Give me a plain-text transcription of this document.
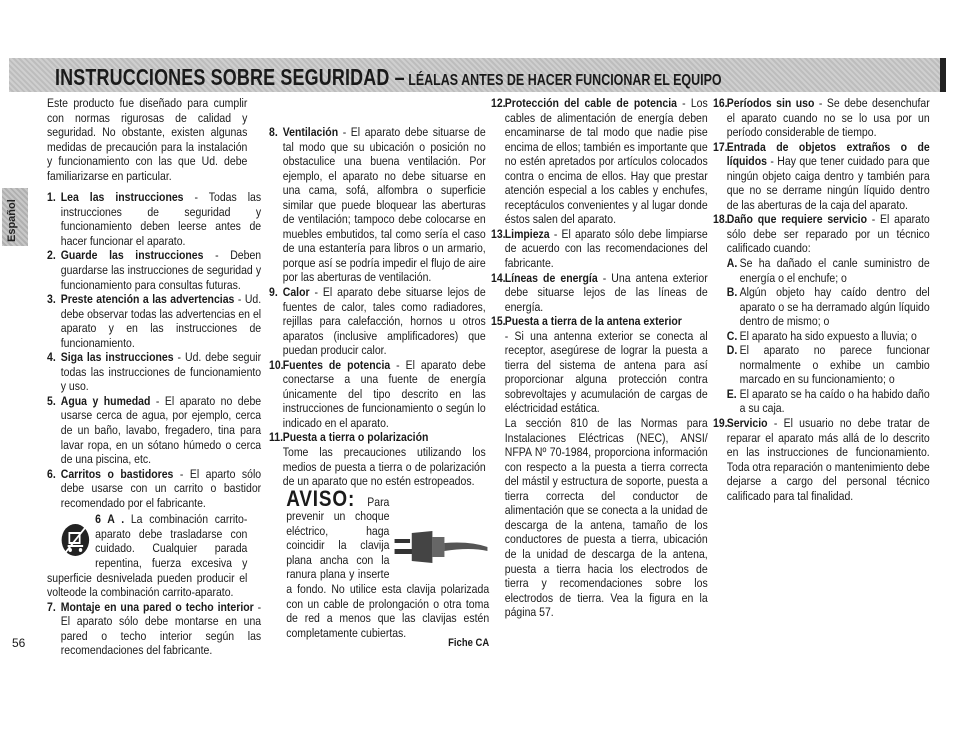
INSTRUCCIONES SOBRE SEGURIDAD – LÉALAS ANTES DE HACER FUNCIONAR EL EQUIPO
Español
56
Este producto fue diseñado para cumplir con normas rigurosas de calidad y seguridad. No obstante, existen algunas medidas de precaución para la instalación y funcionamiento con las que Ud. debe familiarizarse en particular.
1. Lea las instrucciones - Todas las instrucciones de seguridad y funcionamiento deben leerse antes de hacer funcionar el aparato.
2. Guarde las instrucciones - Deben guardarse las instrucciones de seguridad y funcionamiento para consultas futuras.
3. Preste atención a las advertencias - Ud. debe observar todas las advertencias en el aparato y en las instrucciones de funcionamiento.
4. Siga las instrucciones - Ud. debe seguir todas las instrucciones de funcionamiento y uso.
5. Agua y humedad - El aparato no debe usarse cerca de agua, por ejemplo, cerca de un baño, lavabo, fregadero, tina para lavar ropa, en un sótano húmedo o cerca de una piscina, etc.
6. Carritos o bastidores - El aparto sólo debe usarse con un carrito o bastidor recomendado por el fabricante.
6 A . La combinación carrito-aparato debe trasladarse con cuidado. Cualquier parada repentina, fuerza excesiva y superficie desnivelada pueden producir el volteode la combinación carrito-aparato.
7. Montaje en una pared o techo interior - El aparato sólo debe montarse en una pared o techo interior según las recomendaciones del fabricante.
8. Ventilación - El aparato debe situarse de tal modo que su ubicación o posición no obstaculice una buena ventilación. Por ejemplo, el aparato no debe situarse en una cama, sofá, alfombra o superficie similar que puede bloquear las aberturas de ventilación; tampoco debe colocarse en muebles embutidos, tal como sería el caso de una estantería para libros o un armario, porque así se podría impedir el flujo de aire por las aberturas de ventilación.
9. Calor - El aparato debe situarse lejos de fuentes de calor, tales como radiadores, rejillas para calefacción, hornos u otros aparatos (inclusive amplificadores) que puedan producir calor.
10. Fuentes de potencia - El aparato debe conectarse a una fuente de energía únicamente del tipo descrito en las instrucciones de funcionamiento o según lo indicado en el aparato.
11. Puesta a tierra o polarización
Tome las precauciones utilizando los medios de puesta a tierra o de polarización de un aparato que no estén estropeados.
AVISO: Para prevenir un choque eléctrico, haga coincidir la clavija plana ancha con la ranura plana y inserte a fondo. No utilice esta clavija polarizada con un cable de prolongación o otra toma de red a menos que las clavijas estén completamente cubiertas.
Fiche CA
12. Protección del cable de potencia - Los cables de alimentación de energía deben encaminarse de tal modo que nadie pise encima de ellos; también es importante que no estén apretados por artículos colocados contra o encima de ellos. Hay que prestar atención especial a los cables y enchufes, receptáculos convenientes y al lugar donde éstos salen del aparato.
13. Limpieza - El aparato sólo debe limpiarse de acuerdo con las recomendaciones del fabricante.
14. Líneas de energía - Una antena exterior debe situarse lejos de las líneas de energía.
15. Puesta a tierra de la antena exterior
- Si una antenna exterior se conecta al receptor, asegúrese de lograr la puesta a tierra del sistema de antena para así proporcionar alguna protección contra sobrevoltajes y acumulación de cargas de eléctricidad estática.
La sección 810 de las Normas para Instalaciones Eléctricas (NEC), ANSI/ NFPA Nº 70-1984, proporciona información con respecto a la puesta a tierra correcta del mástil y estructura de soporte, puesta a tierra correcta del conductor de alimentación que se conecta a la unidad de descarga de la antena, tamaño de los conductores de puesta a tierra, ubicación de la unidad de descarga de la antena, puesta a tierra hacia los electrodos de tierra y recomendaciones sobre los electrodos de tierra. Vea la figura en la página 57.
16. Períodos sin uso - Se debe desenchufar el aparato cuando no se lo usa por un período considerable de tiempo.
17. Entrada de objetos extraños o de líquidos - Hay que tener cuidado para que ningún objeto caiga dentro y también para que no se derrame ningún líquido dentro de las aberturas de la caja del aparato.
18. Daño que requiere servicio - El aparato sólo debe ser reparado por un técnico calificado cuando:
A. Se ha dañado el canle suministro de energía o el enchufe; o
B. Algún objeto hay caído dentro del aparato o se ha derramado algún líquido dentro de mismo; o
C. El aparato ha sido expuesto a lluvia; o
D. El aparato no parece funcionar normalmente o exhibe un cambio marcado en su funcionamiento; o
E. El aparato se ha caído o ha habido daño a su caja.
19. Servicio - El usuario no debe tratar de reparar el aparato más allá de lo descrito en las instrucciones de funcionamiento. Toda otra reparación o mantenimiento debe dejarse a cargo del personal técnico calificado para tal finalidad.
